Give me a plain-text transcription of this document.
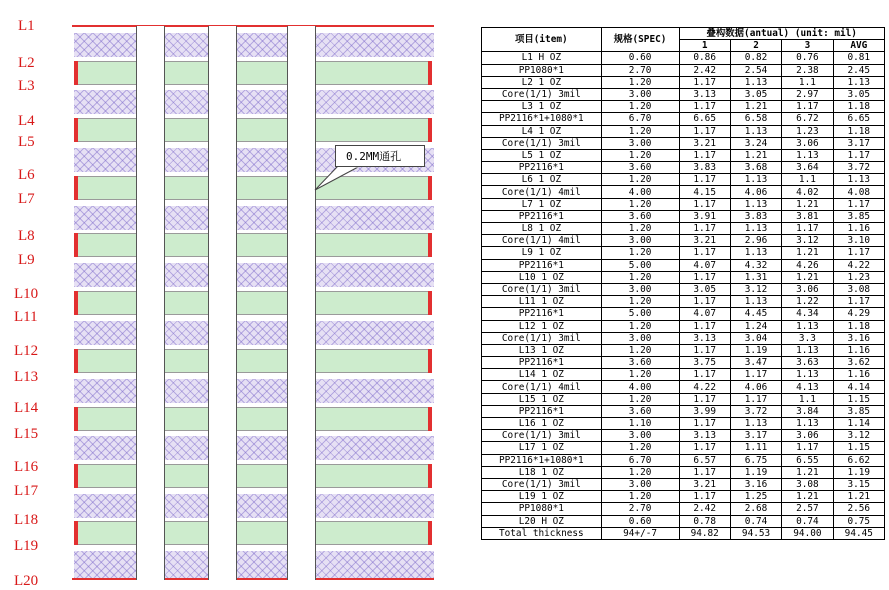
L1
L2
L3
L4
L5
L6
L7
L8
L9
L10
L11
L12
L13
L14
L15
L16
L17
L18
L19
L20
0.2MM通孔
项目(item)	规格(SPEC)	叠构数据(antual) (unit: mil)			
		1	2	3	AVG
L1 H OZ	0.60	0.86	0.82	0.76	0.81
PP1080*1	2.70	2.42	2.54	2.38	2.45
L2 1 OZ	1.20	1.17	1.13	1.1	1.13
Core(1/1) 3mil	3.00	3.13	3.05	2.97	3.05
L3 1 OZ	1.20	1.17	1.21	1.17	1.18
PP2116*1+1080*1	6.70	6.65	6.58	6.72	6.65
L4 1 OZ	1.20	1.17	1.13	1.23	1.18
Core(1/1) 3mil	3.00	3.21	3.24	3.06	3.17
L5 1 OZ	1.20	1.17	1.21	1.13	1.17
PP2116*1	3.60	3.83	3.68	3.64	3.72
L6 1 OZ	1.20	1.17	1.13	1.1	1.13
Core(1/1) 4mil	4.00	4.15	4.06	4.02	4.08
L7 1 OZ	1.20	1.17	1.13	1.21	1.17
PP2116*1	3.60	3.91	3.83	3.81	3.85
L8 1 OZ	1.20	1.17	1.13	1.17	1.16
Core(1/1) 4mil	3.00	3.21	2.96	3.12	3.10
L9 1 OZ	1.20	1.17	1.13	1.21	1.17
PP2116*1	5.00	4.07	4.32	4.26	4.22
L10 1 OZ	1.20	1.17	1.31	1.21	1.23
Core(1/1) 3mil	3.00	3.05	3.12	3.06	3.08
L11 1 OZ	1.20	1.17	1.13	1.22	1.17
PP2116*1	5.00	4.07	4.45	4.34	4.29
L12 1 OZ	1.20	1.17	1.24	1.13	1.18
Core(1/1) 3mil	3.00	3.13	3.04	3.3	3.16
L13 1 OZ	1.20	1.17	1.19	1.13	1.16
PP2116*1	3.60	3.75	3.47	3.63	3.62
L14 1 OZ	1.20	1.17	1.17	1.13	1.16
Core(1/1) 4mil	4.00	4.22	4.06	4.13	4.14
L15 1 OZ	1.20	1.17	1.17	1.1	1.15
PP2116*1	3.60	3.99	3.72	3.84	3.85
L16 1 OZ	1.10	1.17	1.13	1.13	1.14
Core(1/1) 3mil	3.00	3.13	3.17	3.06	3.12
L17 1 OZ	1.20	1.17	1.11	1.17	1.15
PP2116*1+1080*1	6.70	6.57	6.75	6.55	6.62
L18 1 OZ	1.20	1.17	1.19	1.21	1.19
Core(1/1) 3mil	3.00	3.21	3.16	3.08	3.15
L19 1 OZ	1.20	1.17	1.25	1.21	1.21
PP1080*1	2.70	2.42	2.68	2.57	2.56
L20 H OZ	0.60	0.78	0.74	0.74	0.75
Total thickness	94+/-7	94.82	94.53	94.00	94.45
